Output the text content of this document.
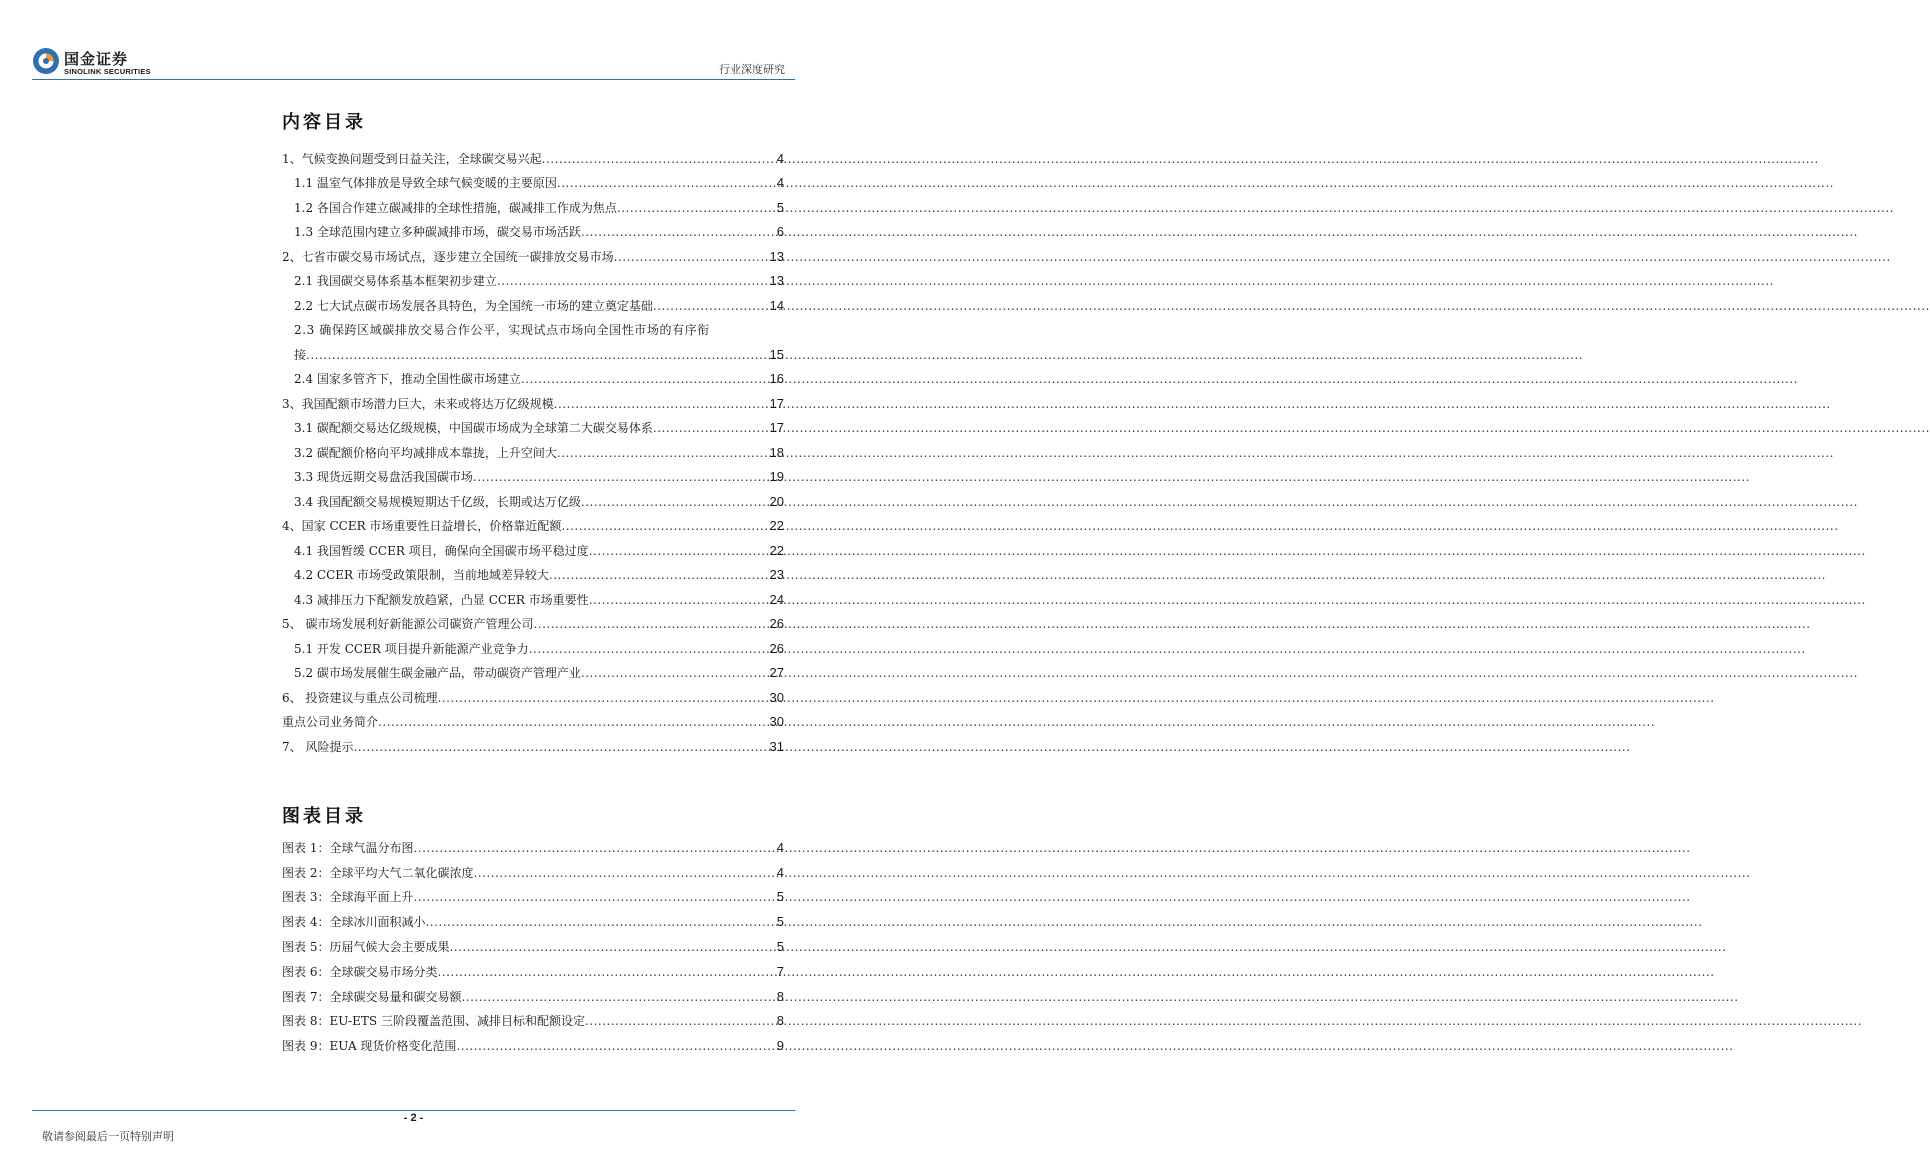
国金证券
SINOLINK SECURITIES	行业深度研究
内容目录
1、气候变换问题受到日益关注，全球碳交易兴起 .....	4
1.1 温室气体排放是导致全球气候变暖的主要原因 .....	4
1.2 各国合作建立碳减排的全球性措施，碳减排工作成为焦点 .....	5
1.3 全球范围内建立多种碳减排市场，碳交易市场活跃 .....	6
2、七省市碳交易市场试点，逐步建立全国统一碳排放交易市场 .....	13
2.1 我国碳交易体系基本框架初步建立 .....	13
2.2 七大试点碳市场发展各具特色，为全国统一市场的建立奠定基础 .....	14
2.3 确保跨区域碳排放交易合作公平，实现试点市场向全国性市场的有序衔
接 .....	15
2.4 国家多管齐下，推动全国性碳市场建立 .....	16
3、我国配额市场潜力巨大，未来或将达万亿级规模 .....	17
3.1 碳配额交易达亿级规模，中国碳市场成为全球第二大碳交易体系 .....	17
3.2 碳配额价格向平均减排成本靠拢，上升空间大 .....	18
3.3 现货远期交易盘活我国碳市场 .....	19
3.4 我国配额交易规模短期达千亿级，长期或达万亿级 .....	20
4、国家 CCER 市场重要性日益增长，价格靠近配额 .....	22
4.1 我国暂缓 CCER 项目，确保向全国碳市场平稳过度 .....	22
4.2 CCER 市场受政策限制，当前地域差异较大 .....	23
4.3 减排压力下配额发放趋紧，凸显 CCER 市场重要性 .....	24
5、 碳市场发展利好新能源公司碳资产管理公司 .....	26
5.1 开发 CCER 项目提升新能源产业竞争力 .....	26
5.2 碳市场发展催生碳金融产品，带动碳资产管理产业 .....	27
6、 投资建议与重点公司梳理 .....	30
重点公司业务简介 .....	30
7、 风险提示 .....	31
图表目录
图表 1：全球气温分布图 .....	4
图表 2：全球平均大气二氧化碳浓度 .....	4
图表 3：全球海平面上升 .....	5
图表 4：全球冰川面积减小 .....	5
图表 5：历届气候大会主要成果 .....	5
图表 6：全球碳交易市场分类 .....	7
图表 7：全球碳交易量和碳交易额 .....	8
图表 8：EU-ETS 三阶段覆盖范围、减排目标和配额设定 .....	8
图表 9：EUA 现货价格变化范围 .....	9
- 2 -
敬请参阅最后一页特别声明
